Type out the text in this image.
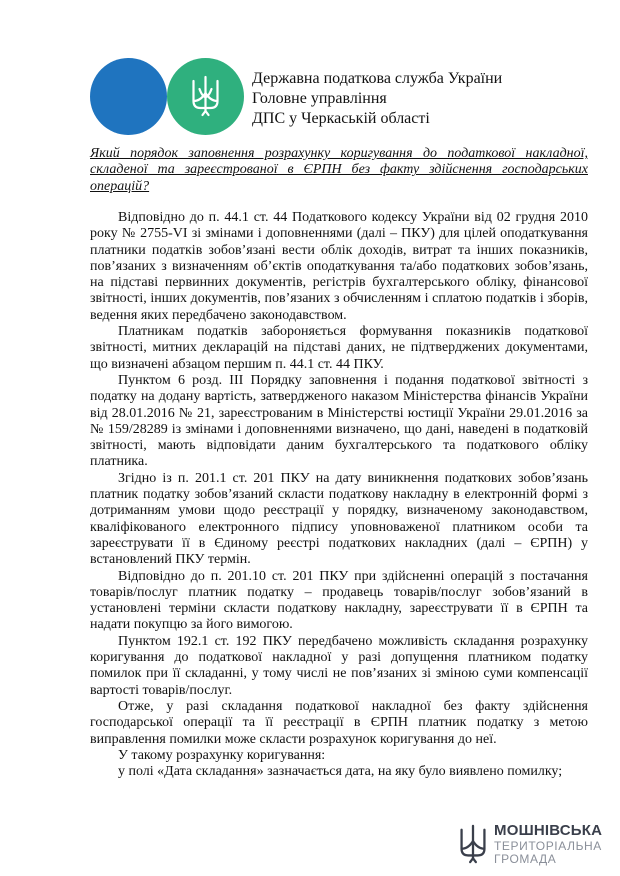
Державна податкова служба України
Головне управління
ДПС у Черкаській області
Який порядок заповнення розрахунку коригування до податкової накладної, складеної та зареєстрованої в ЄРПН без факту здійснення господарських операцій?

Відповідно до п. 44.1 ст. 44 Податкового кодексу України від 02 грудня 2010 року № 2755-VI зі змінами і доповненнями (далі – ПКУ) для цілей оподаткування платники податків зобов’язані вести облік доходів, витрат та інших показників, пов’язаних з визначенням об’єктів оподаткування та/або податкових зобов’язань, на підставі первинних документів, регістрів бухгалтерського обліку, фінансової звітності, інших документів, пов’язаних з обчисленням і сплатою податків і зборів, ведення яких передбачено законодавством.

Платникам податків забороняється формування показників податкової звітності, митних декларацій на підставі даних, не підтверджених документами, що визначені абзацом першим п. 44.1 ст. 44 ПКУ.

Пунктом 6 розд. III Порядку заповнення і подання податкової звітності з податку на додану вартість, затвердженого наказом Міністерства фінансів України від 28.01.2016 № 21, зареєстрованим в Міністерстві юстиції України 29.01.2016 за № 159/28289 із змінами і доповненнями визначено, що дані, наведені в податковій звітності, мають відповідати даним бухгалтерського та податкового обліку платника.

Згідно із п. 201.1 ст. 201 ПКУ на дату виникнення податкових зобов’язань платник податку зобов’язаний скласти податкову накладну в електронній формі з дотриманням умови щодо реєстрації у порядку, визначеному законодавством, кваліфікованого електронного підпису уповноваженої платником особи та зареєструвати її в Єдиному реєстрі податкових накладних (далі – ЄРПН) у встановлений ПКУ термін.

Відповідно до п. 201.10 ст. 201 ПКУ при здійсненні операцій з постачання товарів/послуг платник податку – продавець товарів/послуг зобов’язаний в установлені терміни скласти податкову накладну, зареєструвати її в ЄРПН та надати покупцю за його вимогою.

Пунктом 192.1 ст. 192 ПКУ передбачено можливість складання розрахунку коригування до податкової накладної у разі допущення платником податку помилок при її складанні, у тому числі не пов’язаних зі зміною суми компенсації вартості товарів/послуг.

Отже, у разі складання податкової накладної без факту здійснення господарської операції та її реєстрації в ЄРПН платник податку з метою виправлення помилки може скласти розрахунок коригування до неї.

У такому розрахунку коригування:

у полі «Дата складання» зазначається дата, на яку було виявлено помилку;

МОШНІВСЬКА
ТЕРИТОРІАЛЬНА
ГРОМАДА
